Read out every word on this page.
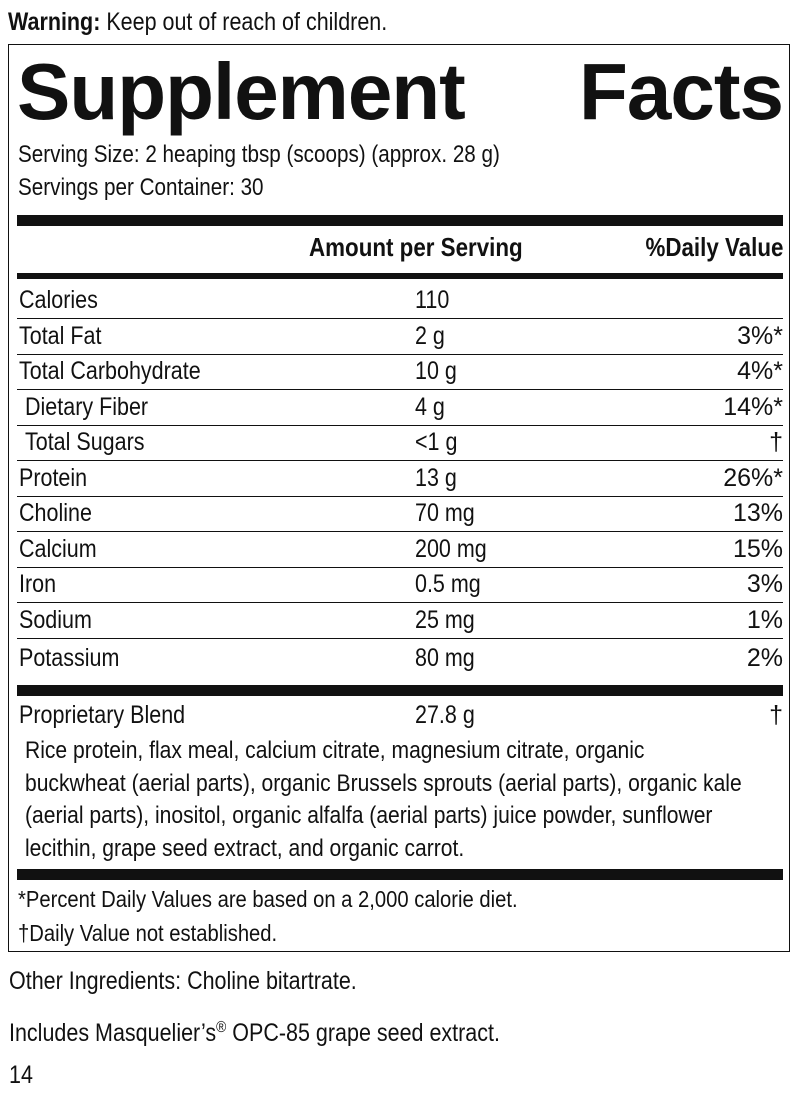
Warning: Keep out of reach of children.
Supplement Facts
Serving Size: 2 heaping tbsp (scoops) (approx. 28 g)
Servings per Container: 30
Amount per Serving	%Daily Value
Calories	110
Total Fat	2 g	3%*
Total Carbohydrate	10 g	4%*
Dietary Fiber	4 g	14%*
Total Sugars	<1 g	†
Protein	13 g	26%*
Choline	70 mg	13%
Calcium	200 mg	15%
Iron	0.5 mg	3%
Sodium	25 mg	1%
Potassium	80 mg	2%
Proprietary Blend	27.8 g	†
Rice protein, flax meal, calcium citrate, magnesium citrate, organic
buckwheat (aerial parts), organic Brussels sprouts (aerial parts), organic kale
(aerial parts), inositol, organic alfalfa (aerial parts) juice powder, sunflower
lecithin, grape seed extract, and organic carrot.
*Percent Daily Values are based on a 2,000 calorie diet.
†Daily Value not established.
Other Ingredients: Choline bitartrate.
Includes Masquelier’s® OPC-85 grape seed extract.
14
